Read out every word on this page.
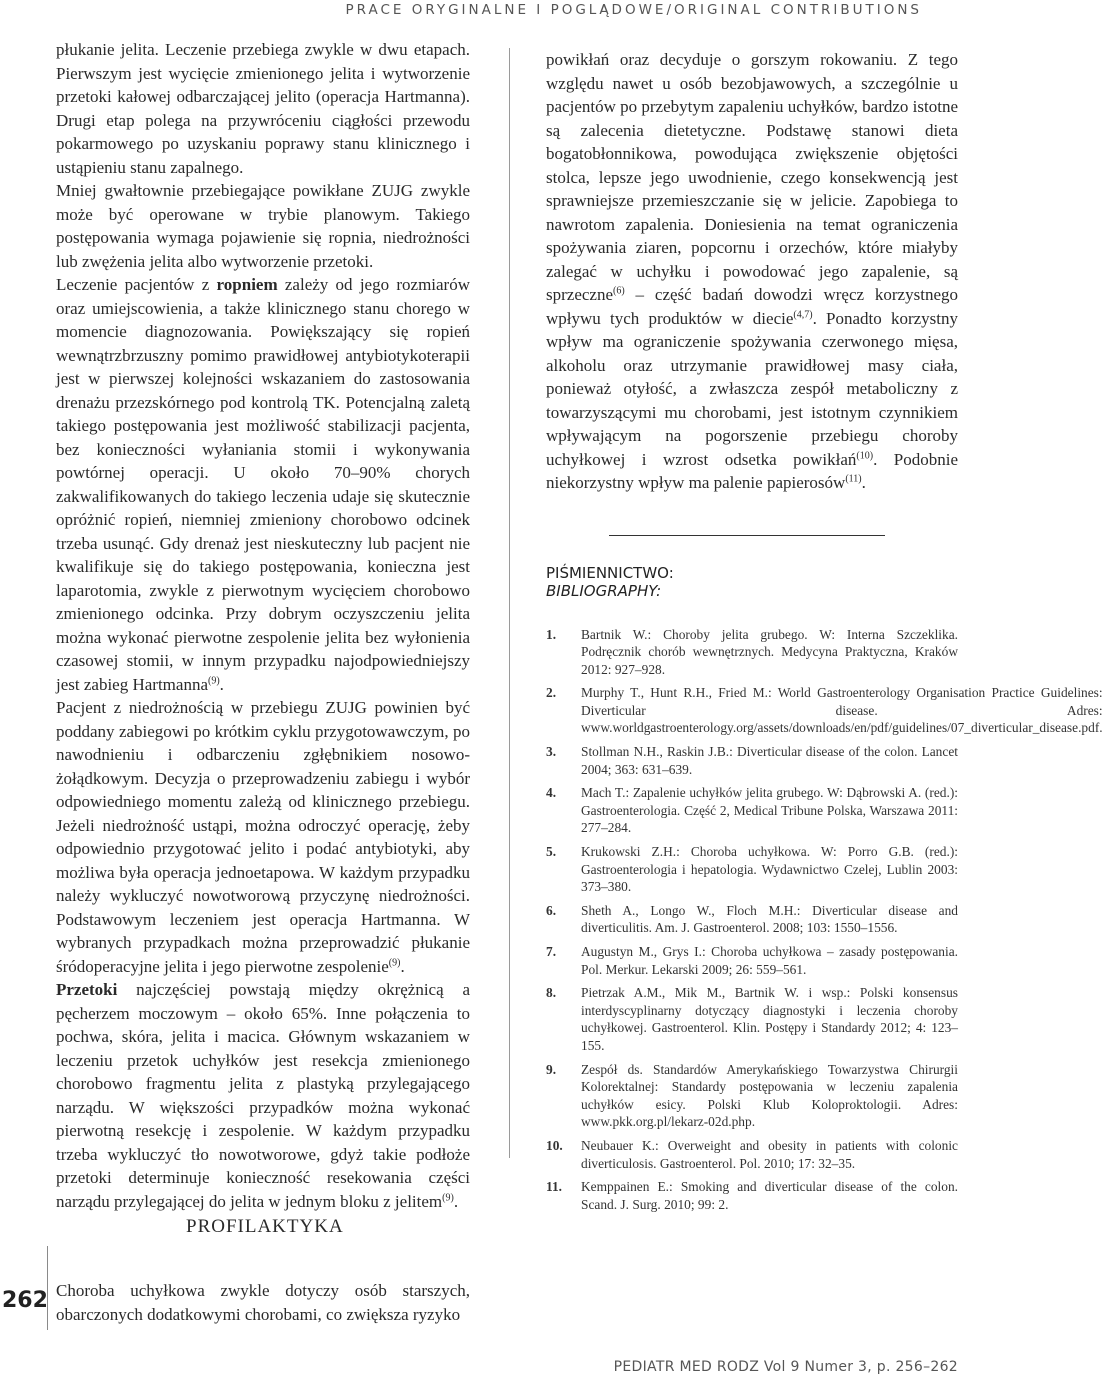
PRACE ORYGINALNE I POGLĄDOWE/ORIGINAL CONTRIBUTIONS

płukanie jelita. Leczenie przebiega zwykle w dwu etapach. Pierwszym jest wycięcie zmienionego jelita i wytworzenie przetoki kałowej odbarczającej jelito (operacja Hartmanna). Drugi etap polega na przywróceniu ciągłości przewodu pokarmowego po uzyskaniu poprawy stanu klinicznego i ustąpieniu stanu zapalnego.

Mniej gwałtownie przebiegające powikłane ZUJG zwykle może być operowane w trybie planowym. Takiego postępowania wymaga pojawienie się ropnia, niedrożności lub zwężenia jelita albo wytworzenie przetoki.

Leczenie pacjentów z ropniem zależy od jego rozmiarów oraz umiejscowienia, a także klinicznego stanu chorego w momencie diagnozowania. Powiększający się ropień wewnątrzbrzuszny pomimo prawidłowej antybiotykoterapii jest w pierwszej kolejności wskazaniem do zastosowania drenażu przezskórnego pod kontrolą TK. Potencjalną zaletą takiego postępowania jest możliwość stabilizacji pacjenta, bez konieczności wyłaniania stomii i wykonywania powtórnej operacji. U około 70–90% chorych zakwalifikowanych do takiego leczenia udaje się skutecznie opróżnić ropień, niemniej zmieniony chorobowo odcinek trzeba usunąć. Gdy drenaż jest nieskuteczny lub pacjent nie kwalifikuje się do takiego postępowania, konieczna jest laparotomia, zwykle z pierwotnym wycięciem chorobowo zmienionego odcinka. Przy dobrym oczyszczeniu jelita można wykonać pierwotne zespolenie jelita bez wyłonienia czasowej stomii, w innym przypadku najodpowiedniejszy jest zabieg Hartmanna$^{(9)}$.

Pacjent z niedrożnością w przebiegu ZUJG powinien być poddany zabiegowi po krótkim cyklu przygotowawczym, po nawodnieniu i odbarczeniu zgłębnikiem nosowo-żołądkowym. Decyzja o przeprowadzeniu zabiegu i wybór odpowiedniego momentu zależą od klinicznego przebiegu. Jeżeli niedrożność ustąpi, można odroczyć operację, żeby odpowiednio przygotować jelito i podać antybiotyki, aby możliwa była operacja jednoetapowa. W każdym przypadku należy wykluczyć nowotworową przyczynę niedrożności. Podstawowym leczeniem jest operacja Hartmanna. W wybranych przypadkach można przeprowadzić płukanie śródoperacyjne jelita i jego pierwotne zespolenie$^{(9)}$.

Przetoki najczęściej powstają między okrężnicą a pęcherzem moczowym – około 65%. Inne połączenia to pochwa, skóra, jelita i macica. Głównym wskazaniem w leczeniu przetok uchyłków jest resekcja zmienionego chorobowo fragmentu jelita z plastyką przylegającego narządu. W większości przypadków można wykonać pierwotną resekcję i zespolenie. W każdym przypadku trzeba wykluczyć tło nowotworowe, gdyż takie podłoże przetoki determinuje konieczność resekowania części narządu przylegającej do jelita w jednym bloku z jelitem$^{(9)}$.

PROFILAKTYKA

Choroba uchyłkowa zwykle dotyczy osób starszych, obarczonych dodatkowymi chorobami, co zwiększa ryzyko

262

powikłań oraz decyduje o gorszym rokowaniu. Z tego względu nawet u osób bezobjawowych, a szczególnie u pacjentów po przebytym zapaleniu uchyłków, bardzo istotne są zalecenia dietetyczne. Podstawę stanowi dieta bogatobłonnikowa, powodująca zwiększenie objętości stolca, lepsze jego uwodnienie, czego konsekwencją jest sprawniejsze przemieszczanie się w jelicie. Zapobiega to nawrotom zapalenia. Doniesienia na temat ograniczenia spożywania ziaren, popcornu i orzechów, które miałyby zalegać w uchyłku i powodować jego zapalenie, są sprzeczne$^{(6)}$ – część badań dowodzi wręcz korzystnego wpływu tych produktów w diecie$^{(4,7)}$. Ponadto korzystny wpływ ma ograniczenie spożywania czerwonego mięsa, alkoholu oraz utrzymanie prawidłowej masy ciała, ponieważ otyłość, a zwłaszcza zespół metaboliczny z towarzyszącymi mu chorobami, jest istotnym czynnikiem wpływającym na pogorszenie przebiegu choroby uchyłkowej i wzrost odsetka powikłań$^{(10)}$. Podobnie niekorzystny wpływ ma palenie papierosów$^{(11)}$.

PIŚMIENNICTWO:
BIBLIOGRAPHY:
1.	Bartnik W.: Choroby jelita grubego. W: Interna Szczeklika. Podręcznik chorób wewnętrznych. Medycyna Praktyczna, Kraków 2012: 927–928.
2.	Murphy T., Hunt R.H., Fried M.: World Gastroenterology Organisation Practice Guidelines: Diverticular disease. Adres: www.worldgastroenterology.org/assets/downloads/en/pdf/guidelines/07_diverticular_disease.pdf.
3.	Stollman N.H., Raskin J.B.: Diverticular disease of the colon. Lancet 2004; 363: 631–639.
4.	Mach T.: Zapalenie uchyłków jelita grubego. W: Dąbrowski A. (red.): Gastroenterologia. Część 2, Medical Tribune Polska, Warszawa 2011: 277–284.
5.	Krukowski Z.H.: Choroba uchyłkowa. W: Porro G.B. (red.): Gastroenterologia i hepatologia. Wydawnictwo Czelej, Lublin 2003: 373–380.
6.	Sheth A., Longo W., Floch M.H.: Diverticular disease and diverticulitis. Am. J. Gastroenterol. 2008; 103: 1550–1556.
7.	Augustyn M., Grys I.: Choroba uchyłkowa – zasady postępowania. Pol. Merkur. Lekarski 2009; 26: 559–561.
8.	Pietrzak A.M., Mik M., Bartnik W. i wsp.: Polski konsensus interdyscyplinarny dotyczący diagnostyki i leczenia choroby uchyłkowej. Gastroenterol. Klin. Postępy i Standardy 2012; 4: 123–155.
9.	Zespół ds. Standardów Amerykańskiego Towarzystwa Chirurgii Kolorektalnej: Standardy postępowania w leczeniu zapalenia uchyłków esicy. Polski Klub Koloproktologii. Adres: www.pkk.org.pl/lekarz-02d.php.
10.	Neubauer K.: Overweight and obesity in patients with colonic diverticulosis. Gastroenterol. Pol. 2010; 17: 32–35.
11.	Kemppainen E.: Smoking and diverticular disease of the colon. Scand. J. Surg. 2010; 99: 2.
PEDIATR MED RODZ Vol 9 Numer 3, p. 256–262
